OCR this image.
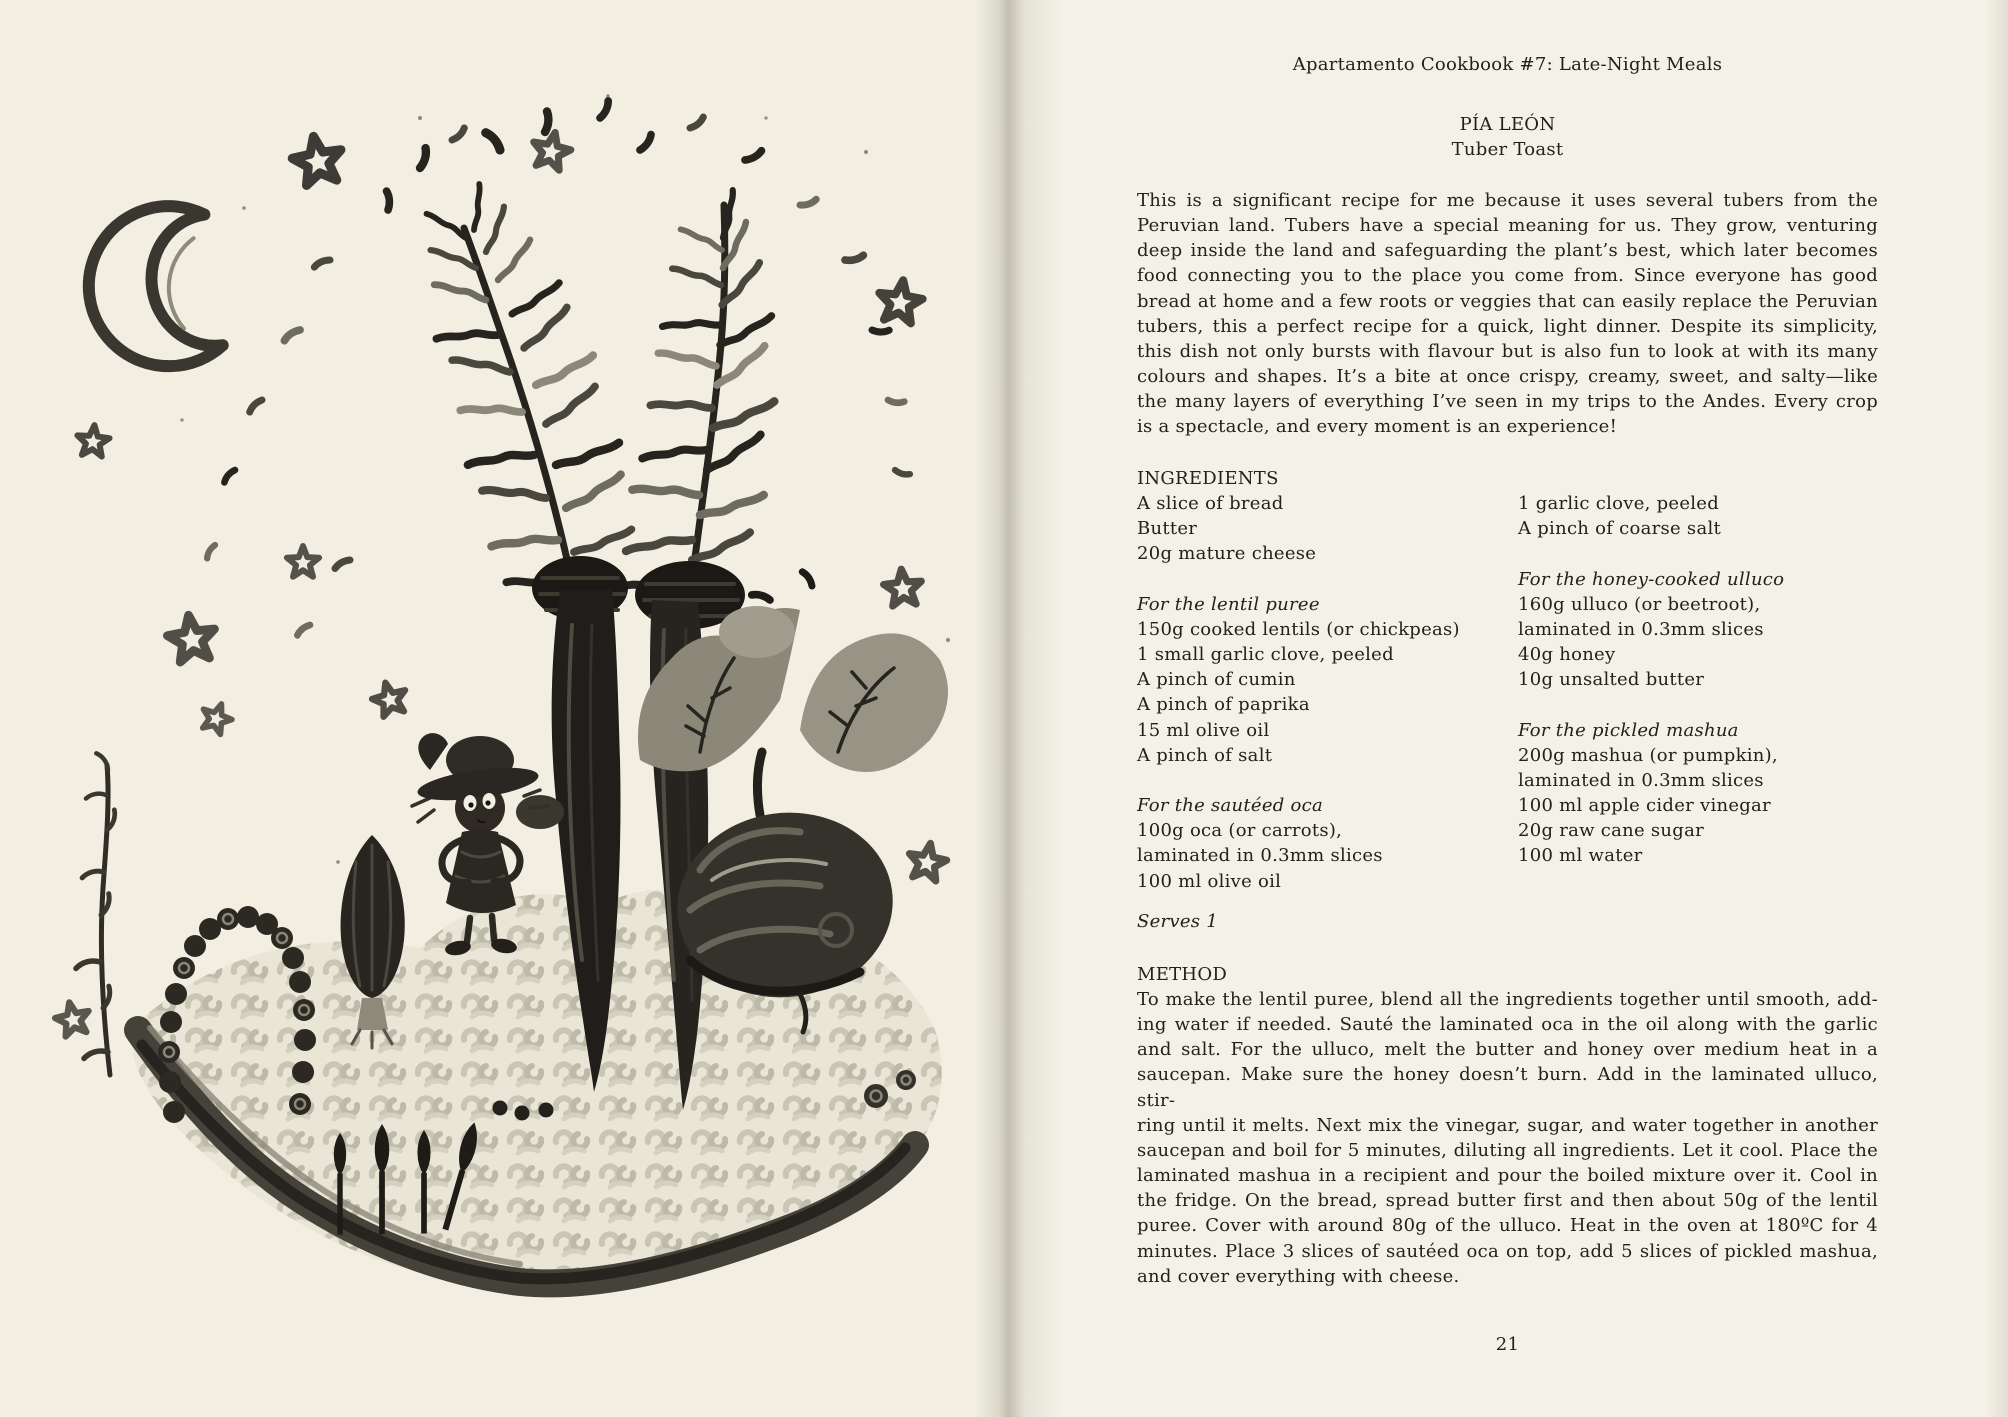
Apartamento Cookbook #7: Late-Night Meals
PÍA LEÓN
Tuber Toast
This is a significant recipe for me because it uses several tubers from the
Peruvian land. Tubers have a special meaning for us. They grow, venturing
deep inside the land and safeguarding the plant’s best, which later becomes
food connecting you to the place you come from. Since everyone has good
bread at home and a few roots or veggies that can easily replace the Peruvian
tubers, this a perfect recipe for a quick, light dinner. Despite its simplicity,
this dish not only bursts with flavour but is also fun to look at with its many
colours and shapes. It’s a bite at once crispy, creamy, sweet, and salty—like
the many layers of everything I’ve seen in my trips to the Andes. Every crop
is a spectacle, and every moment is an experience!
INGREDIENTS
A slice of bread
Butter
20g mature cheese

For the lentil puree
150g cooked lentils (or chickpeas)
1 small garlic clove, peeled
A pinch of cumin
A pinch of paprika
15 ml olive oil
A pinch of salt

For the sautéed oca
100g oca (or carrots),
laminated in 0.3mm slices
100 ml olive oil

1 garlic clove, peeled
A pinch of coarse salt

For the honey-cooked ulluco
160g ulluco (or beetroot),
laminated in 0.3mm slices
40g honey
10g unsalted butter

For the pickled mashua
200g mashua (or pumpkin),
laminated in 0.3mm slices
100 ml apple cider vinegar
20g raw cane sugar
100 ml water
Serves 1
METHOD
To make the lentil puree, blend all the ingredients together until smooth, add-
ing water if needed. Sauté the laminated oca in the oil along with the garlic
and salt. For the ulluco, melt the butter and honey over medium heat in a
saucepan. Make sure the honey doesn’t burn. Add in the laminated ulluco, stir-
ring until it melts. Next mix the vinegar, sugar, and water together in another
saucepan and boil for 5 minutes, diluting all ingredients. Let it cool. Place the
laminated mashua in a recipient and pour the boiled mixture over it. Cool in
the fridge. On the bread, spread butter first and then about 50g of the lentil
puree. Cover with around 80g of the ulluco. Heat in the oven at 180ºC for 4
minutes. Place 3 slices of sautéed oca on top, add 5 slices of pickled mashua,
and cover everything with cheese.
21
